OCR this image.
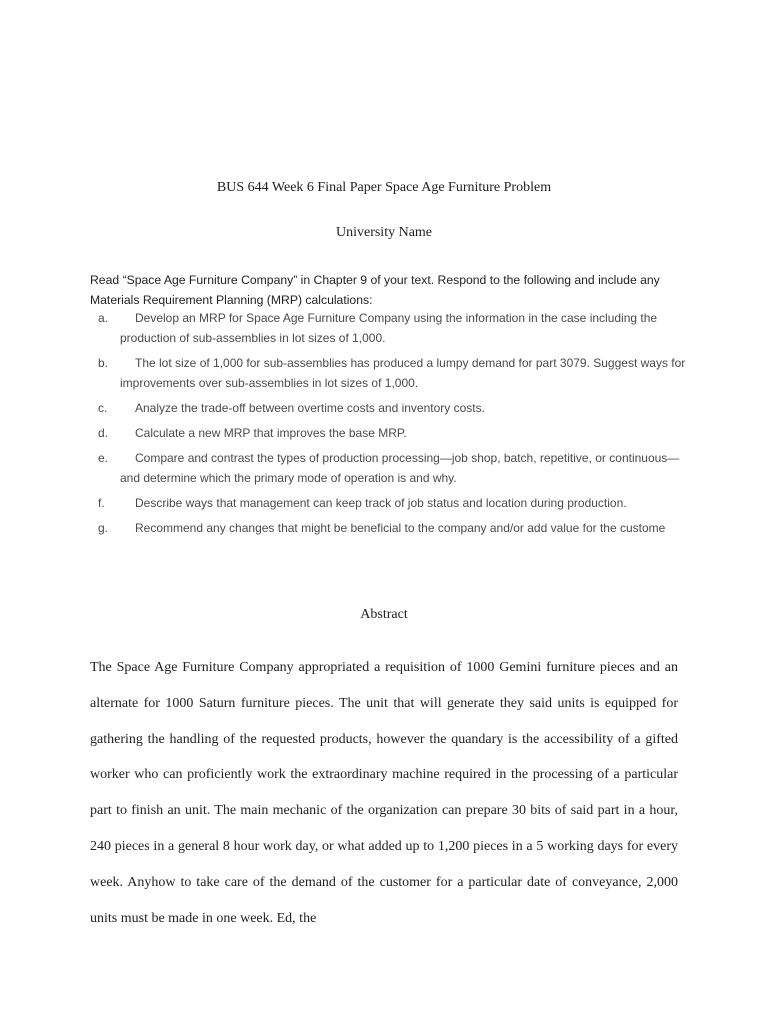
BUS 644 Week 6 Final Paper Space Age Furniture Problem
University Name
Read “Space Age Furniture Company” in Chapter 9 of your text. Respond to the following and include any Materials Requirement Planning (MRP) calculations:
a.	Develop an MRP for Space Age Furniture Company using the information in the case including the production of sub-assemblies in lot sizes of 1,000.
b.	The lot size of 1,000 for sub-assemblies has produced a lumpy demand for part 3079. Suggest ways for improvements over sub-assemblies in lot sizes of 1,000.
c.	Analyze the trade-off between overtime costs and inventory costs.
d.	Calculate a new MRP that improves the base MRP.
e.	Compare and contrast the types of production processing—job shop, batch, repetitive, or continuous—and determine which the primary mode of operation is and why.
f.	Describe ways that management can keep track of job status and location during production.
g.	Recommend any changes that might be beneficial to the company and/or add value for the custome
Abstract

The Space Age Furniture Company appropriated a requisition of 1000 Gemini furniture pieces and an alternate for 1000 Saturn furniture pieces. The unit that will generate they said units is equipped for gathering the handling of the requested products, however the quandary is the accessibility of a gifted worker who can proficiently work the extraordinary machine required in the processing of a particular part to finish an unit. The main mechanic of the organization can prepare 30 bits of said part in a hour, 240 pieces in a general 8 hour work day, or what added up to 1,200 pieces in a 5 working days for every week. Anyhow to take care of the demand of the customer for a particular date of conveyance, 2,000 units must be made in one week. Ed, the
